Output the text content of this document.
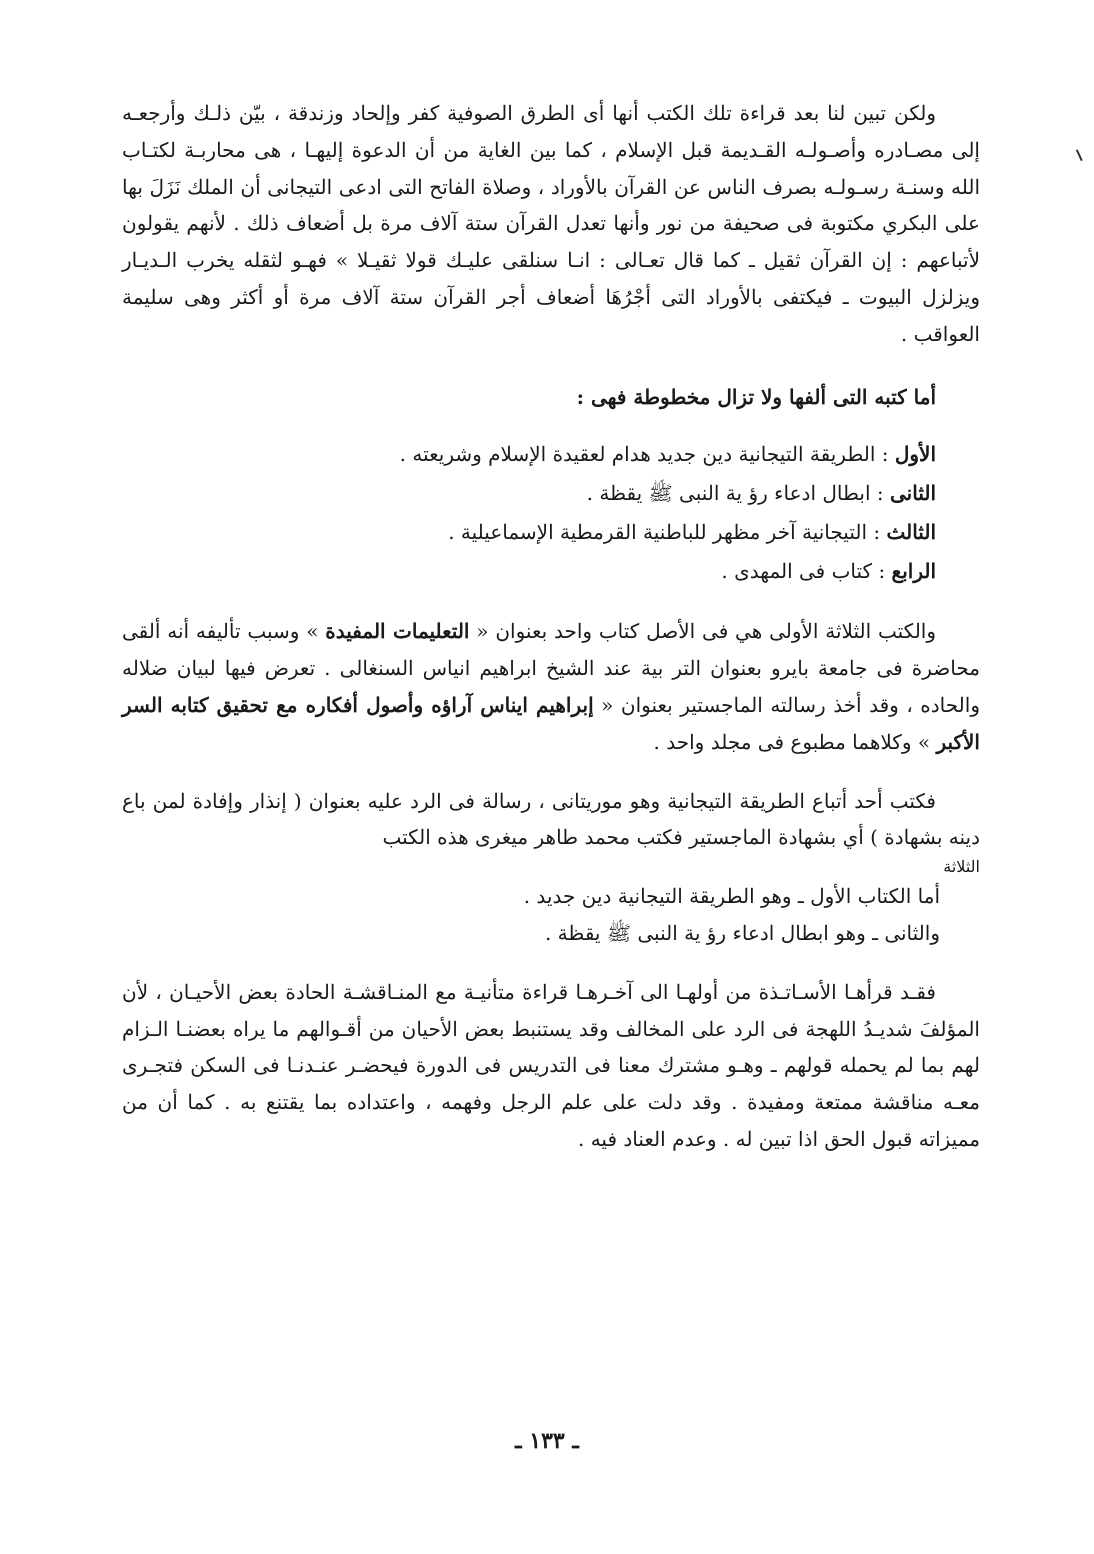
ولكن تبين لنا بعد قراءة تلك الكتب أنها أى الطرق الصوفية كفر وإلحاد وزندقة ، بيّن ذلـك وأرجعـه إلى مصـادره وأصـولـه القـديمة قبل الإسلام ، كما بين الغاية من أن الدعوة إليهـا ، هى محاربـة لكتـاب الله وسنـة رسـولـه بصرف الناس عن القرآن بالأوراد ، وصلاة الفاتح التى ادعى التيجانى أن الملك نَزَلَ بها على البكري مكتوبة فى صحيفة من نور وأنها تعدل القرآن ستة آلاف مرة بل أضعاف ذلك . لأنهم يقولون لأتباعهم : إن القرآن ثقيل ـ كما قال تعـالى : انـا سنلقى عليـك قولا ثقيـلا » فهـو لثقله يخرب الـديـار ويزلزل البيوت ـ فيكتفى بالأوراد التى أجْرُهَا أضعاف أجر القرآن ستة آلاف مرة أو أكثر وهى سليمة العواقب .

أما كتبه التى ألفها ولا تزال مخطوطة فهى :

الأول : الطريقة التيجانية دين جديد هدام لعقيدة الإسلام وشريعته .
الثانى : ابطال ادعاء رؤ ية النبى ﷺ يقظة .
الثالث : التيجانية آخر مظهر للباطنية القرمطية الإسماعيلية .
الرابع : كتاب فى المهدى .

والكتب الثلاثة الأولى هي فى الأصل كتاب واحد بعنوان « التعليمات المفيدة » وسبب تأليفه أنه ألقى محاضرة فى جامعة بايرو بعنوان التر بية عند الشيخ ابراهيم انياس السنغالى . تعرض فيها لبيان ضلاله والحاده ، وقد أخذ رسالته الماجستير بعنوان « إبراهيم ايناس آراؤه وأصول أفكاره مع تحقيق كتابه السر الأكبر » وكلاهما مطبوع فى مجلد واحد .

فكتب أحد أتباع الطريقة التيجانية وهو موريتانى ، رسالة فى الرد عليه بعنوان ( إنذار وإفادة لمن باع دينه بشهادة ) أي بشهادة الماجستير فكتب محمد طاهر ميغرى هذه الكتب

الثلاثة
أما الكتاب الأول ـ وهو الطريقة التيجانية دين جديد .
والثانى ـ وهو ابطال ادعاء رؤ ية النبى ﷺ يقظة .

فقـد قرأهـا الأسـاتـذة من أولهـا الى آخـرهـا قراءة متأنيـة مع المنـاقشـة الحادة بعض الأحيـان ، لأن المؤلفَ شديـدُ اللهجة فى الرد على المخالف وقد يستنبط بعض الأحيان من أقـوالهم ما يراه بعضنـا الـزام لهم بما لم يحمله قولهم ـ وهـو مشترك معنا فى التدريس فى الدورة فيحضـر عنـدنـا فى السكن فتجـرى معـه مناقشة ممتعة ومفيدة . وقد دلت على علم الرجل وفهمه ، واعتداده بما يقتنع به . كما أن من مميزاته قبول الحق اذا تبين له . وعدم العناد فيه .

ـ ١٣٣ ـ
